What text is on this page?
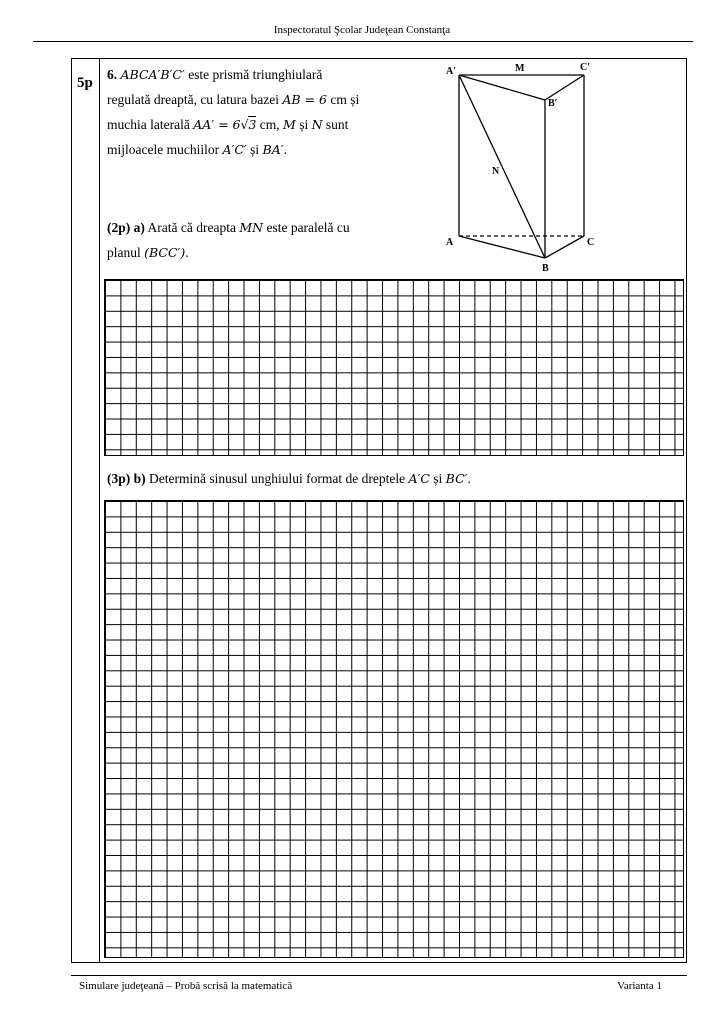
Inspectoratul Şcolar Judeţean Constanţa
5p
6. ABCA′B′C′ este prismă triunghiulară
regulată dreaptă, cu latura bazei AB = 6 cm și
muchia laterală AA′ = 6√3 cm, M și N sunt
mijloacele muchiilor A′C′ și BA′.
(2p) a) Arată că dreapta MN este paralelă cu
planul (BCC′).
A′	M	C′
B′
N
A	C
B
(3p) b) Determină sinusul unghiului format de dreptele A′C și BC′.
Simulare judeţeană – Probă scrisă la matematică	Varianta 1
